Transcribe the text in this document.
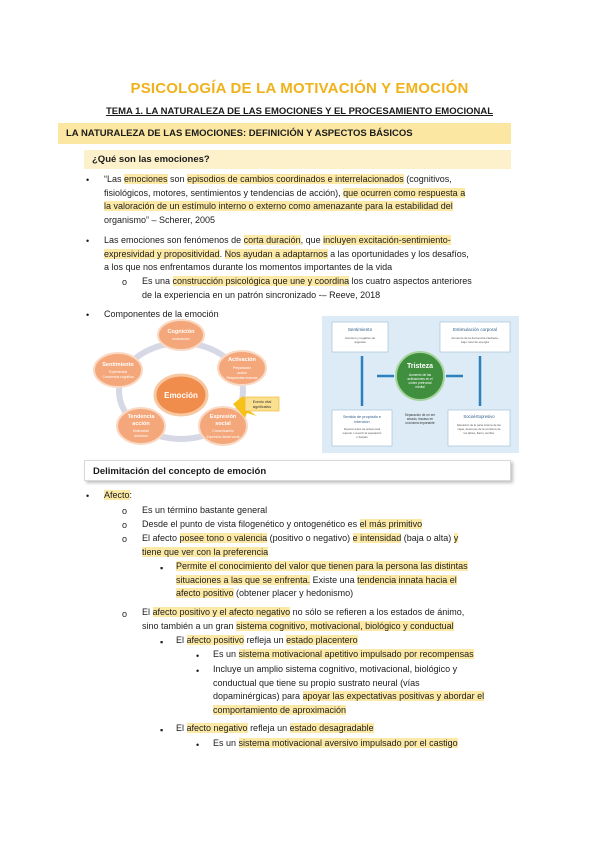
PSICOLOGÍA DE LA MOTIVACIÓN Y EMOCIÓN
TEMA 1. LA NATURALEZA DE LAS EMOCIONES Y EL PROCESAMIENTO EMOCIONAL
LA NATURALEZA DE LAS EMOCIONES: DEFINICIÓN Y ASPECTOS BÁSICOS
¿Qué son las emociones?
• “Las emociones son episodios de cambios coordinados e interrelacionados (cognitivos,
fisiológicos, motores, sentimientos y tendencias de acción), que ocurren como respuesta a
la valoración de un estímulo interno o externo como amenazante para la estabilidad del
organismo” – Scherer, 2005
• Las emociones son fenómenos de corta duración, que incluyen excitación-sentimiento-
expresividad y propositividad. Nos ayudan a adaptarnos a las oportunidades y los desafíos,
a los que nos enfrentamos durante los momentos importantes de la vida
o Es una construcción psicológica que une y coordina los cuatro aspectos anteriores
de la experiencia en un patrón sincronizado -– Reeve, 2018
• Componentes de la emoción
Emoción
Cognición
evaluación
Activación
Preparación
acción
Respuestas motoras
Expresión
social
Comunicación
Expresión facial vocal
Tendencia
acción
Motivación
dirección
Sentimiento
Experiencia
Conciencia cognitiva
Evento vital
significativo
Sentimiento
Aversivo y negativo de
angustia
Estimulación corporal
Aumento de la frecuencia cardíaca,
bajo nivel de energía
Tristeza
Aumento de las
activaciones en el
córtex prefrontal
medial
Sentido de propósito e
intención
Superar antes de actuar para
superar o revertir la separación
o fracaso
Separación de un ser
amado, fracaso en
una tarea importante
Social-Expresivo
Elevación de la parte interna de las
cejas, descenso de la comisura de
los labios, llanto, temblor
Delimitación del concepto de emoción
• Afecto:
o Es un término bastante general
o Desde el punto de vista filogenético y ontogenético es el más primitivo
o El afecto posee tono o valencia (positivo o negativo) e intensidad (baja o alta) y
tiene que ver con la preferencia
▪ Permite el conocimiento del valor que tienen para la persona las distintas
situaciones a las que se enfrenta. Existe una tendencia innata hacia el
afecto positivo (obtener placer y hedonismo)
o El afecto positivo y el afecto negativo no sólo se refieren a los estados de ánimo,
sino también a un gran sistema cognitivo, motivacional, biológico y conductual
▪ El afecto positivo refleja un estado placentero
• Es un sistema motivacional apetitivo impulsado por recompensas
• Incluye un amplio sistema cognitivo, motivacional, biológico y
conductual que tiene su propio sustrato neural (vías
dopaminérgicas) para apoyar las expectativas positivas y abordar el
comportamiento de aproximación
▪ El afecto negativo refleja un estado desagradable
• Es un sistema motivacional aversivo impulsado por el castigo
